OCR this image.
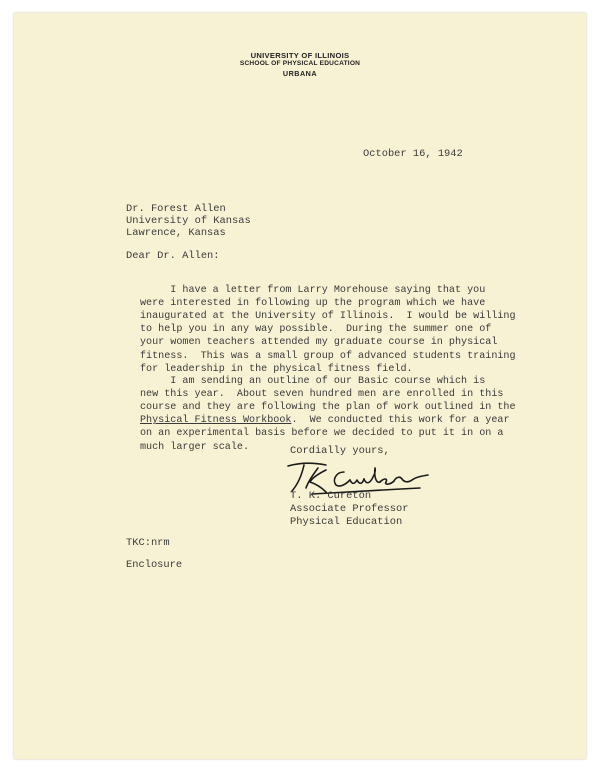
UNIVERSITY OF ILLINOIS
SCHOOL OF PHYSICAL EDUCATION
URBANA
October 16, 1942
Dr. Forest Allen
University of Kansas
Lawrence, Kansas
Dear Dr. Allen:

I have a letter from Larry Morehouse saying that you
were interested in following up the program which we have
inaugurated at the University of Illinois.  I would be willing
to help you in any way possible.  During the summer one of
your women teachers attended my graduate course in physical
fitness.  This was a small group of advanced students training
for leadership in the physical fitness field.

I am sending an outline of our Basic course which is
new this year.  About seven hundred men are enrolled in this
course and they are following the plan of work outlined in the
Physical Fitness Workbook.  We conducted this work for a year
on an experimental basis before we decided to put it in on a
much larger scale.	Cordially yours,
T. K. Cureton
Associate Professor
Physical Education
TKC:nrm
Enclosure
